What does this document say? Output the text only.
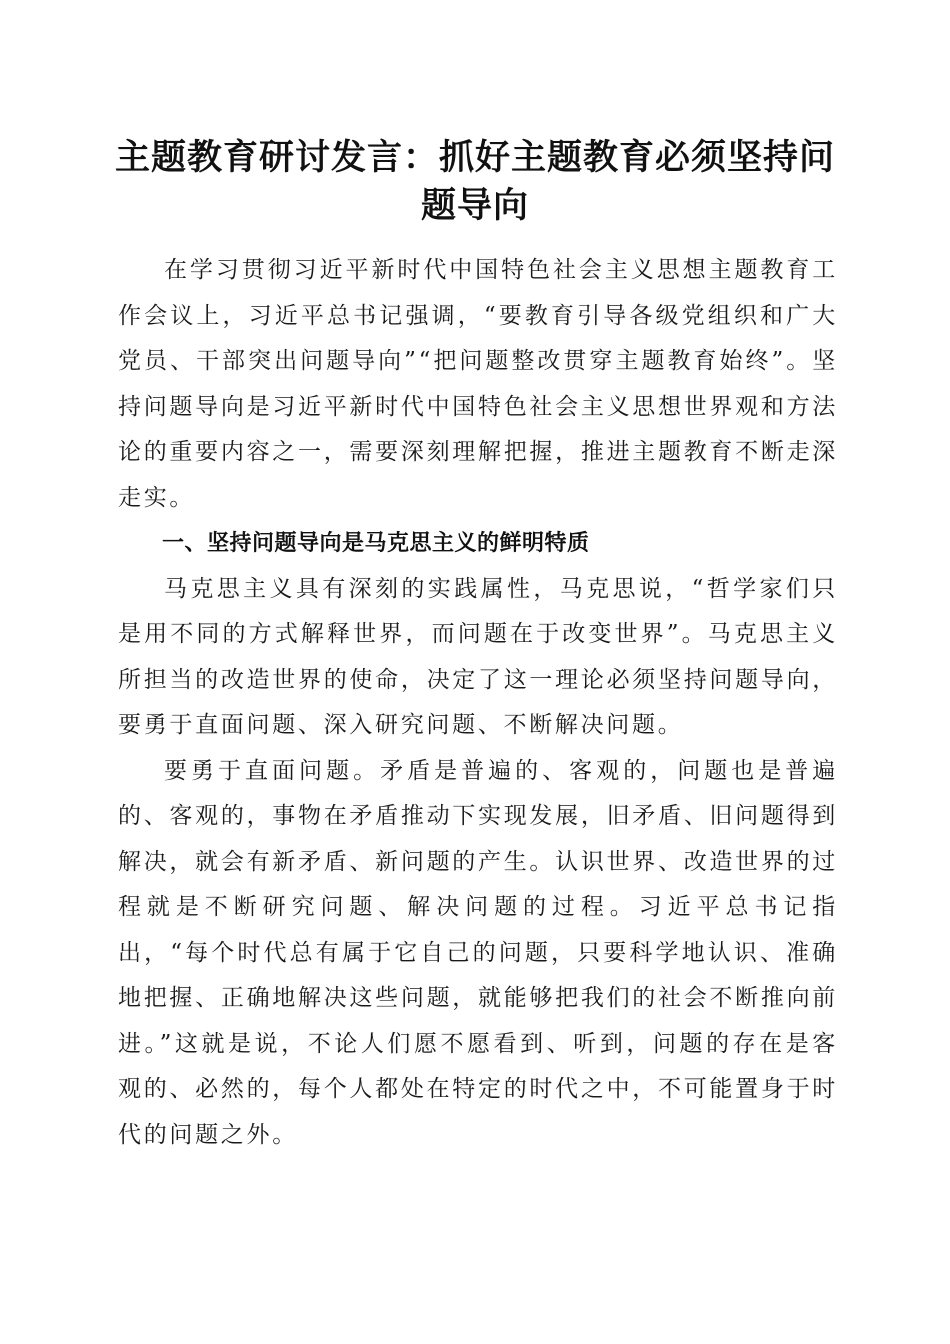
主题教育研讨发言：抓好主题教育必须坚持问题导向

在学习贯彻习近平新时代中国特色社会主义思想主题教育工作会议上，习近平总书记强调，“要教育引导各级党组织和广大党员、干部突出问题导向”“把问题整改贯穿主题教育始终”。坚持问题导向是习近平新时代中国特色社会主义思想世界观和方法论的重要内容之一，需要深刻理解把握，推进主题教育不断走深走实。

一、坚持问题导向是马克思主义的鲜明特质

马克思主义具有深刻的实践属性，马克思说，“哲学家们只是用不同的方式解释世界，而问题在于改变世界”。马克思主义所担当的改造世界的使命，决定了这一理论必须坚持问题导向，要勇于直面问题、深入研究问题、不断解决问题。

要勇于直面问题。矛盾是普遍的、客观的，问题也是普遍的、客观的，事物在矛盾推动下实现发展，旧矛盾、旧问题得到解决，就会有新矛盾、新问题的产生。认识世界、改造世界的过程就是不断研究问题、解决问题的过程。习近平总书记指出，“每个时代总有属于它自己的问题，只要科学地认识、准确地把握、正确地解决这些问题，就能够把我们的社会不断推向前进。”这就是说，不论人们愿不愿看到、听到，问题的存在是客观的、必然的，每个人都处在特定的时代之中，不可能置身于时代的问题之外。
